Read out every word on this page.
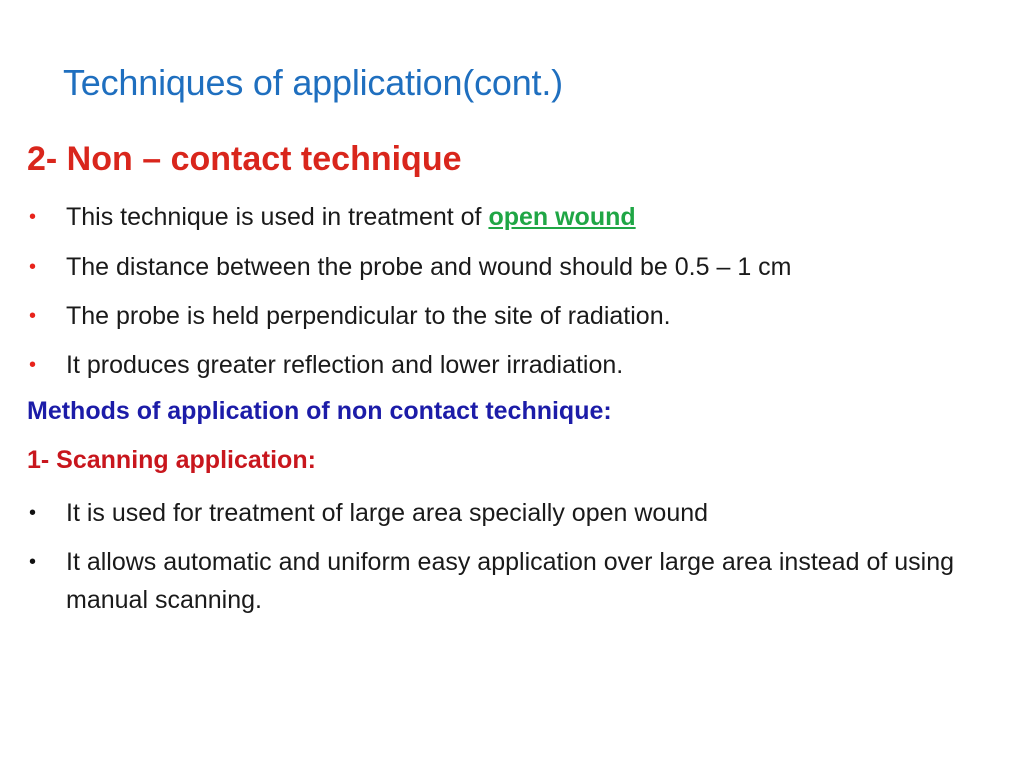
Techniques of application(cont.)
2- Non – contact technique
•	This technique is used in treatment of open wound
•	The distance between the probe and wound should be 0.5 – 1 cm
•	The probe is held perpendicular to the site of radiation.
•	It produces greater reflection and lower irradiation.
Methods of application of non contact technique:
1- Scanning application:
•	It is used for treatment of large area specially open wound
•	It allows automatic and uniform easy application over large area instead of using manual scanning.
